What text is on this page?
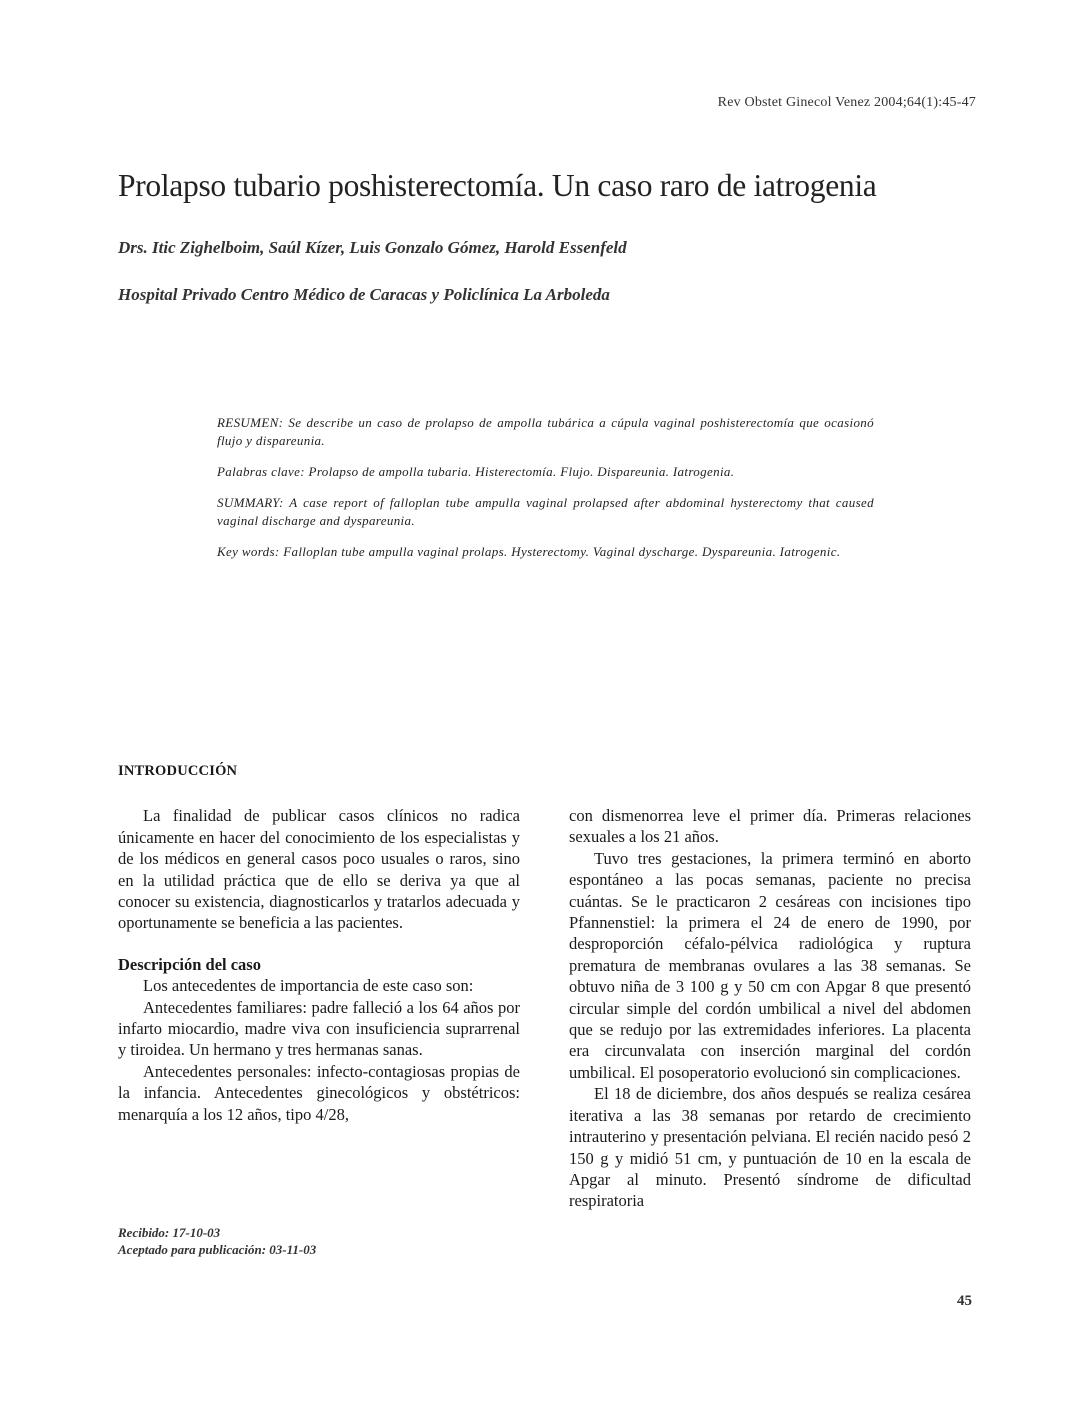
Rev Obstet Ginecol Venez 2004;64(1):45-47
Prolapso tubario poshisterectomía. Un caso raro de iatrogenia

Drs. Itic Zighelboim, Saúl Kízer, Luis Gonzalo Gómez, Harold Essenfeld

Hospital Privado Centro Médico de Caracas y Policlínica La Arboleda

RESUMEN: Se describe un caso de prolapso de ampolla tubárica a cúpula vaginal poshisterectomía que ocasionó flujo y dispareunia.

Palabras clave: Prolapso de ampolla tubaria. Histerectomía. Flujo. Dispareunia. Iatrogenia.

SUMMARY: A case report of falloplan tube ampulla vaginal prolapsed after abdominal hysterectomy that caused vaginal discharge and dyspareunia.

Key words: Falloplan tube ampulla vaginal prolaps. Hysterectomy. Vaginal dyscharge. Dyspareunia. Iatrogenic.

INTRODUCCIÓN

La finalidad de publicar casos clínicos no radica únicamente en hacer del conocimiento de los especialistas y de los médicos en general casos poco usuales o raros, sino en la utilidad práctica que de ello se deriva ya que al conocer su existencia, diagnosticarlos y tratarlos adecuada y oportunamente se beneficia a las pacientes.

Descripción del caso

Los antecedentes de importancia de este caso son:

Antecedentes familiares: padre falleció a los 64 años por infarto miocardio, madre viva con insuficiencia suprarrenal y tiroidea. Un hermano y tres hermanas sanas.

Antecedentes personales: infecto-contagiosas propias de la infancia. Antecedentes ginecológicos y obstétricos: menarquía a los 12 años, tipo 4/28,

con dismenorrea leve el primer día. Primeras relaciones sexuales a los 21 años.

Tuvo tres gestaciones, la primera terminó en aborto espontáneo a las pocas semanas, paciente no precisa cuántas. Se le practicaron 2 cesáreas con incisiones tipo Pfannenstiel: la primera el 24 de enero de 1990, por desproporción céfalo-pélvica radiológica y ruptura prematura de membranas ovulares a las 38 semanas. Se obtuvo niña de 3 100 g y 50 cm con Apgar 8 que presentó circular simple del cordón umbilical a nivel del abdomen que se redujo por las extremidades inferiores. La placenta era circunvalata con inserción marginal del cordón umbilical. El posoperatorio evolucionó sin complicaciones.

El 18 de diciembre, dos años después se realiza cesárea iterativa a las 38 semanas por retardo de crecimiento intrauterino y presentación pelviana. El recién nacido pesó 2 150 g y midió 51 cm, y puntuación de 10 en la escala de Apgar al minuto. Presentó síndrome de dificultad respiratoria

Recibido: 17-10-03
Aceptado para publicación: 03-11-03
45
